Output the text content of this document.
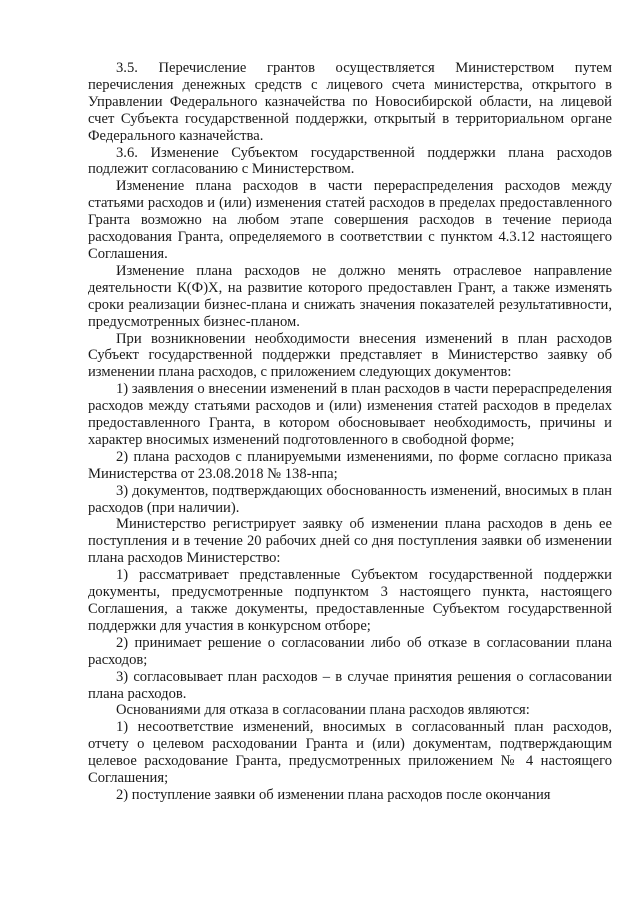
3.5. Перечисление грантов осуществляется Министерством путем перечисления денежных средств с лицевого счета министерства, открытого в Управлении Федерального казначейства по Новосибирской области, на лицевой счет Субъекта государственной поддержки, открытый в территориальном органе Федерального казначейства.

3.6. Изменение Субъектом государственной поддержки плана расходов подлежит согласованию с Министерством.

Изменение плана расходов в части перераспределения расходов между статьями расходов и (или) изменения статей расходов в пределах предоставленного Гранта возможно на любом этапе совершения расходов в течение периода расходования Гранта, определяемого в соответствии с пунктом 4.3.12 настоящего Соглашения.

Изменение плана расходов не должно менять отраслевое направление деятельности К(Ф)Х, на развитие которого предоставлен Грант, а также изменять сроки реализации бизнес-плана и снижать значения показателей результативности, предусмотренных бизнес-планом.

При возникновении необходимости внесения изменений в план расходов Субъект государственной поддержки представляет в Министерство заявку об изменении плана расходов, с приложением следующих документов:

1) заявления о внесении изменений в план расходов в части перераспределения расходов между статьями расходов и (или) изменения статей расходов в пределах предоставленного Гранта, в котором обосновывает необходимость, причины и характер вносимых изменений подготовленного в свободной форме;

2) плана расходов с планируемыми изменениями, по форме согласно приказа Министерства от 23.08.2018 № 138-нпа;

3) документов, подтверждающих обоснованность изменений, вносимых в план расходов (при наличии).

Министерство регистрирует заявку об изменении плана расходов в день ее поступления и в течение 20 рабочих дней со дня поступления заявки об изменении плана расходов Министерство:

1) рассматривает представленные Субъектом государственной поддержки документы, предусмотренные подпунктом 3 настоящего пункта, настоящего Соглашения, а также документы, предоставленные Субъектом государственной поддержки для участия в конкурсном отборе;

2) принимает решение о согласовании либо об отказе в согласовании плана расходов;

3) согласовывает план расходов – в случае принятия решения о согласовании плана расходов.

Основаниями для отказа в согласовании плана расходов являются:

1) несоответствие изменений, вносимых в согласованный план расходов, отчету о целевом расходовании Гранта и (или) документам, подтверждающим целевое расходование Гранта, предусмотренных приложением № 4 настоящего Соглашения;

2) поступление заявки об изменении плана расходов после окончания
